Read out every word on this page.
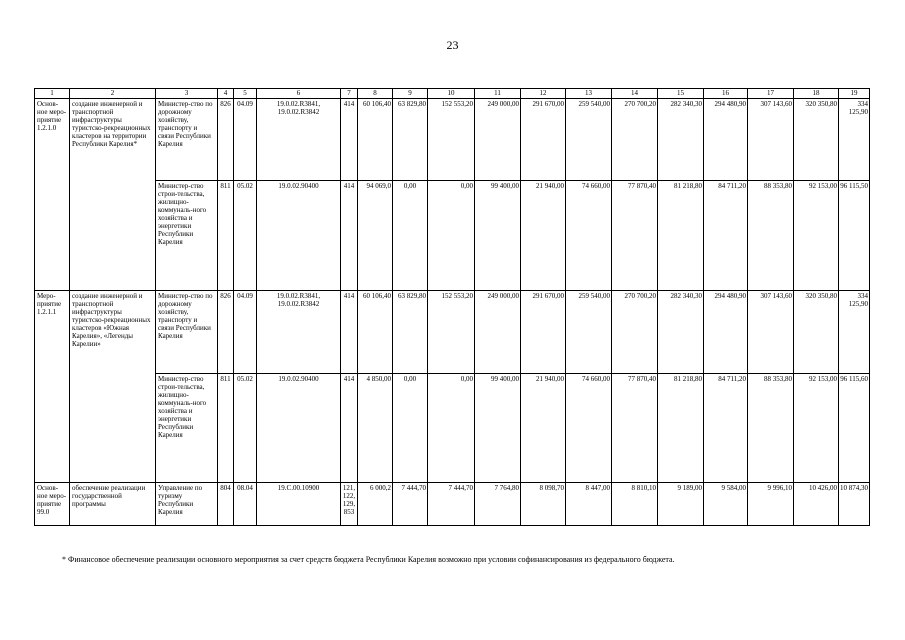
23
1	2	3	4	5	6	7	8	9	10	11	12	13	14	15	16	17	18	19
Основ-ное меро-приятие 1.2.1.0	создание инженерной и транспортной инфраструктуры туристско-рекреационных кластеров на территории Республики Карелия*	Министер-ство по дорожному хозяйству, транспорту и связи Республики Карелия	826	04.09	19.0.02.R3841, 19.0.02.R3842	414	60 106,40	63 829,80	152 553,20	249 000,00	291 670,00	259 540,00	270 700,20	282 340,30	294 480,90	307 143,60	320 350,80	334 125,90
		Министер-ство строи-тельства, жилищно-коммуналь-ного хозяйства и энергетики Республики Карелия	811	05.02	19.0.02.90400	414	94 069,0	0,00	0,00	99 400,00	21 940,00	74 660,00	77 870,40	81 218,80	84 711,20	88 353,80	92 153,00	96 115,50
Меро-приятие 1.2.1.1	создание инженерной и транспортной инфраструктуры туристско-рекреационных кластеров «Южная Карелия», «Легенды Карелии»	Министер-ство по дорожному хозяйству, транспорту и связи Республики Карелия	826	04.09	19.0.02.R3841, 19.0.02.R3842	414	60 106,40	63 829,80	152 553,20	249 000,00	291 670,00	259 540,00	270 700,20	282 340,30	294 480,90	307 143,60	320 350,80	334 125,90
		Министер-ство строи-тельства, жилищно-коммуналь-ного хозяйства и энергетики Республики Карелия	811	05.02	19.0.02.90400	414	4 850,00	0,00	0,00	99 400,00	21 940,00	74 660,00	77 870,40	81 218,80	84 711,20	88 353,80	92 153,00	96 115,60
Основ-ное меро-приятие 99.0	обеспечение реализации государственной программы	Управление по туризму Республики Карелия	804	08.04	19.С.00.10900	121, 122, 129, 853	6 000,2	7 444,70	7 444,70	7 764,80	8 098,70	8 447,00	8 810,10	9 189,00	9 584,00	9 996,10	10 426,00	10 874,30
* Финансовое обеспечение реализации основного мероприятия за счет средств бюджета Республики Карелия возможно при условии софинансирования из федерального бюджета.
